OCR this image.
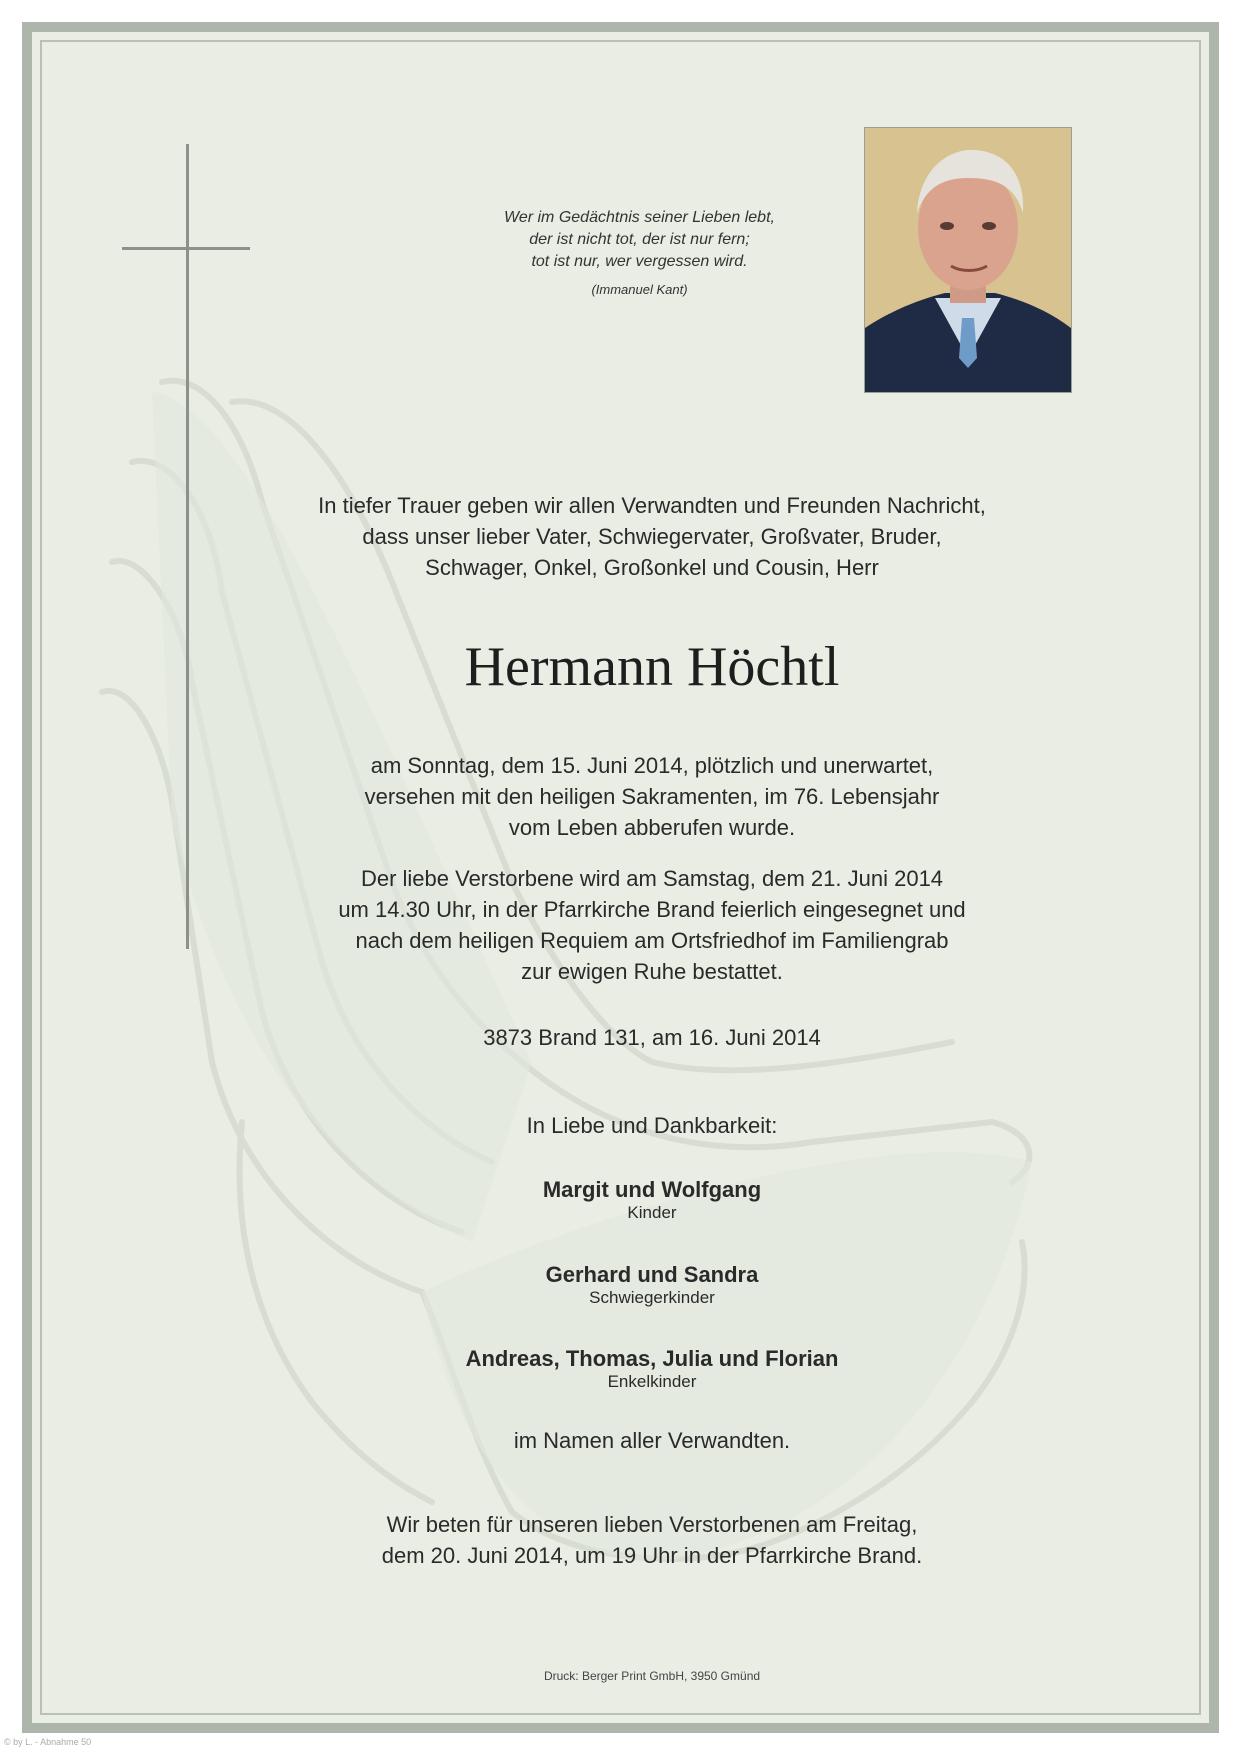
Wer im Gedächtnis seiner Lieben lebt,
der ist nicht tot, der ist nur fern;
tot ist nur, wer vergessen wird.
(Immanuel Kant)
In tiefer Trauer geben wir allen Verwandten und Freunden Nachricht,
dass unser lieber Vater, Schwiegervater, Großvater, Bruder,
Schwager, Onkel, Großonkel und Cousin, Herr
Hermann Höchtl
am Sonntag, dem 15. Juni 2014, plötzlich und unerwartet,
versehen mit den heiligen Sakramenten, im 76. Lebensjahr
vom Leben abberufen wurde.
Der liebe Verstorbene wird am Samstag, dem 21. Juni 2014
um 14.30 Uhr, in der Pfarrkirche Brand feierlich eingesegnet und
nach dem heiligen Requiem am Ortsfriedhof im Familiengrab
zur ewigen Ruhe bestattet.
3873 Brand 131, am 16. Juni 2014
In Liebe und Dankbarkeit:
Margit und Wolfgang
Kinder
Gerhard und Sandra
Schwiegerkinder
Andreas, Thomas, Julia und Florian
Enkelkinder
im Namen aller Verwandten.
Wir beten für unseren lieben Verstorbenen am Freitag,
dem 20. Juni 2014, um 19 Uhr in der Pfarrkirche Brand.
Druck: Berger Print GmbH, 3950 Gmünd
© by L. - Abnahme 50
